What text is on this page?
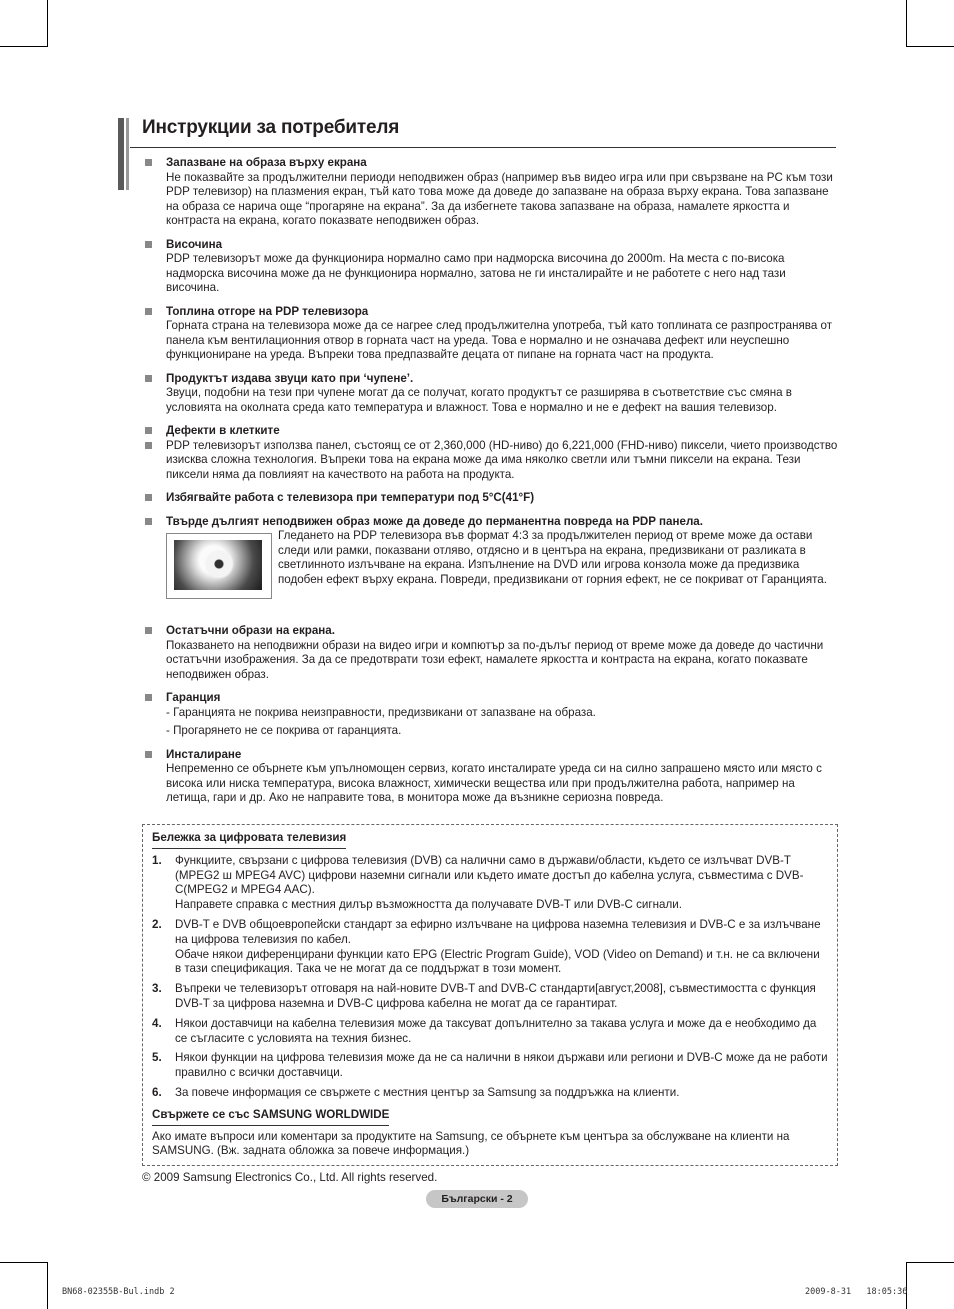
Инструкции за потребителя
Запазване на образа върху екрана
Не показвайте за продължителни периоди неподвижен образ (например във видео игра или при свързване на PC към този PDP телевизор) на плазмения екран, тъй като това може да доведе до запазване на образа върху екрана. Това запазване на образа се нарича още “прогаряне на екрана”. За да избегнете такова запазване на образа, намалете яркостта и контраста на екрана, когато показвате неподвижен образ.
Височина
PDP телевизорът може да функционира нормално само при надморска височина до 2000m. На места с по-висока надморска височина може да не функционира нормално, затова не ги инсталирайте и не работете с него над тази височина.
Топлина отгоре на PDP телевизора
Горната страна на телевизора може да се нагрее след продължителна употреба, тъй като топлината се разпространява от панела към вентилационния отвор в горната част на уреда. Това е нормално и не означава дефект или неуспешно функциониране на уреда. Въпреки това предпазвайте децата от пипане на горната част на продукта.
Продуктът издава звуци като при ‘чупене’.
Звуци, подобни на тези при чупене могат да се получат, когато продуктът се разширява в съответствие със смяна в условията на околната среда като температура и влажност. Това е нормално и не е дефект на вашия телевизор.
Дефекти в клетките
PDP телевизорът използва панел, състоящ се от 2,360,000 (HD-ниво) до 6,221,000 (FHD-ниво) пиксели, чието производство изисква сложна технология. Въпреки това на екрана може да има няколко светли или тъмни пиксели на екрана. Тези пиксели няма да повлияят на качеството на работа на продукта.
Избягвайте работа с телевизора при температури под 5°C(41°F)
Твърде дългият неподвижен образ може да доведе до перманентна повреда на PDP панела.
Гледането на PDP телевизора във формат 4:3 за продължителен период от време може да остави следи или рамки, показвани отляво, отдясно и в центъра на екрана, предизвикани от разликата в светлинното излъчване на екрана. Изпълнение на DVD или игрова конзола може да предизвика подобен ефект върху екрана. Повреди, предизвикани от горния ефект, не се покриват от Гаранцията.
Остатъчни образи на екрана.
Показването на неподвижни образи на видео игри и компютър за по-дълъг период от време може да доведе до частични остатъчни изображения. За да се предотврати този ефект, намалете яркостта и контраста на екрана, когато показвате неподвижен образ.
Гаранция
- Гаранцията не покрива неизправности, предизвикани от запазване на образа.
- Прогарянето не се покрива от гаранцията.
Инсталиране
Непременно се обърнете към упълномощен сервиз, когато инсталирате уреда си на силно запрашено място или място с висока или ниска температура, висока влажност, химически вещества или при продължителна работа, например на летища, гари и др. Ако не направите това, в монитора може да възникне сериозна повреда.
Бележка за цифровата телевизия
1. Функциите, свързани с цифрова телевизия (DVB) са налични само в държави/области, където се излъчват DVB-T (MPEG2 ш MPEG4 AVC) цифрови наземни сигнали или където имате достъп до кабелна услуга, съвместима с DVB-C(MPEG2 и MPEG4 AAC).
Направете справка с местния дилър възможността да получавате DVB-T или DVB-C сигнали.
2. DVB-T е DVB общоевропейски стандарт за ефирно излъчване на цифрова наземна телевизия и DVB-C е за излъчване на цифрова телевизия по кабел.
Обаче някои диференцирани функции като EPG (Electric Program Guide), VOD (Video on Demand) и т.н. не са включени в тази спецификация. Така че не могат да се поддържат в този момент.
3. Въпреки че телевизорът отговаря на най-новите DVB-T and DVB-C стандарти[август,2008], съвместимостта с функция DVB-T за цифрова наземна и DVB-C цифрова кабелна не могат да се гарантират.
4. Някои доставчици на кабелна телевизия може да таксуват допълнително за такава услуга и може да е необходимо да се съгласите с условията на техния бизнес.
5. Някои функции на цифрова телевизия може да не са налични в някои държави или региони и DVB-C може да не работи правилно с всички доставчици.
6. За повече информация се свържете с местния център за Samsung за поддръжка на клиенти.
Свържете се със SAMSUNG WORLDWIDE
Ако имате въпроси или коментари за продуктите на Samsung, се обърнете към центъра за обслужване на клиенти на SAMSUNG. (Вж. задната обложка за повече информация.)
© 2009 Samsung Electronics Co., Ltd. All rights reserved.
Български - 2
BN68-02355B-Bul.indb 2	2009-8-31   18:05:36
